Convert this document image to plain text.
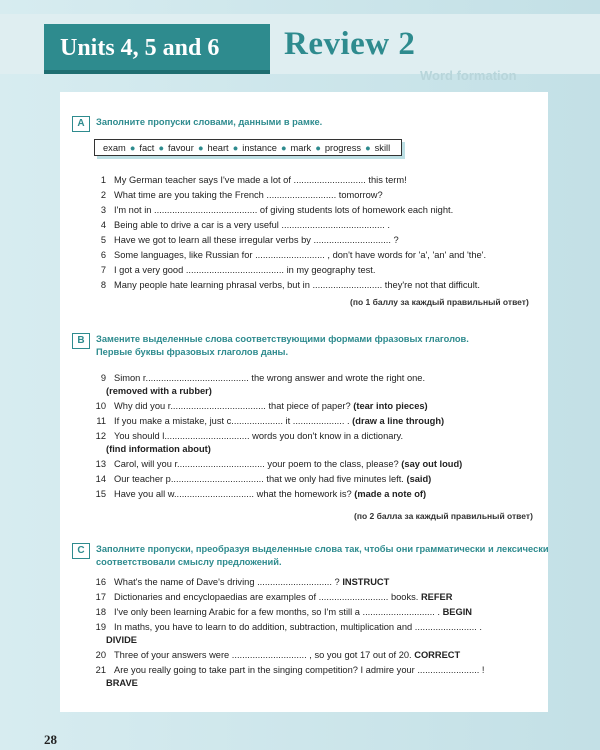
Units 4, 5 and 6	Review 2
Word formation
A	Заполните пропуски словами, данными в рамке.
exam ● fact ● favour ● heart ● instance ● mark ● progress ● skill
1 My German teacher says I've made a lot of ............................ this term!
2 What time are you taking the French ........................... tomorrow?
3 I'm not in ........................................ of giving students lots of homework each night.
4 Being able to drive a car is a very useful ........................................ .
5 Have we got to learn all these irregular verbs by .............................. ?
6 Some languages, like Russian for ........................... , don't have words for 'a', 'an' and 'the'.
7 I got a very good ...................................... in my geography test.
8 Many people hate learning phrasal verbs, but in ........................... they're not that difficult.
(по 1 баллу за каждый правильный ответ)
B	Замените выделенные слова соответствующими формами фразовых глаголов.
Первые буквы фразовых глаголов даны.
9 Simon r........................................ the wrong answer and wrote the right one.
(removed with a rubber)
10 Why did you r..................................... that piece of paper? (tear into pieces)
11 If you make a mistake, just c.................... it .................... . (draw a line through)
12 You should l................................. words you don't know in a dictionary.
(find information about)
13 Carol, will you r.................................. your poem to the class, please? (say out loud)
14 Our teacher p.................................... that we only had five minutes left. (said)
15 Have you all w............................... what the homework is? (made a note of)
(по 2 балла за каждый правильный ответ)
C	Заполните пропуски, преобразуя выделенные слова так, чтобы они грамматически и лексически
соответствовали смыслу предложений.
16 What's the name of Dave's driving ............................. ? INSTRUCT
17 Dictionaries and encyclopaedias are examples of ........................... books. REFER
18 I've only been learning Arabic for a few months, so I'm still a ............................ . BEGIN
19 In maths, you have to learn to do addition, subtraction, multiplication and ........................ .
DIVIDE
20 Three of your answers were ............................. , so you got 17 out of 20. CORRECT
21 Are you really going to take part in the singing competition? I admire your ........................ !
BRAVE
28
